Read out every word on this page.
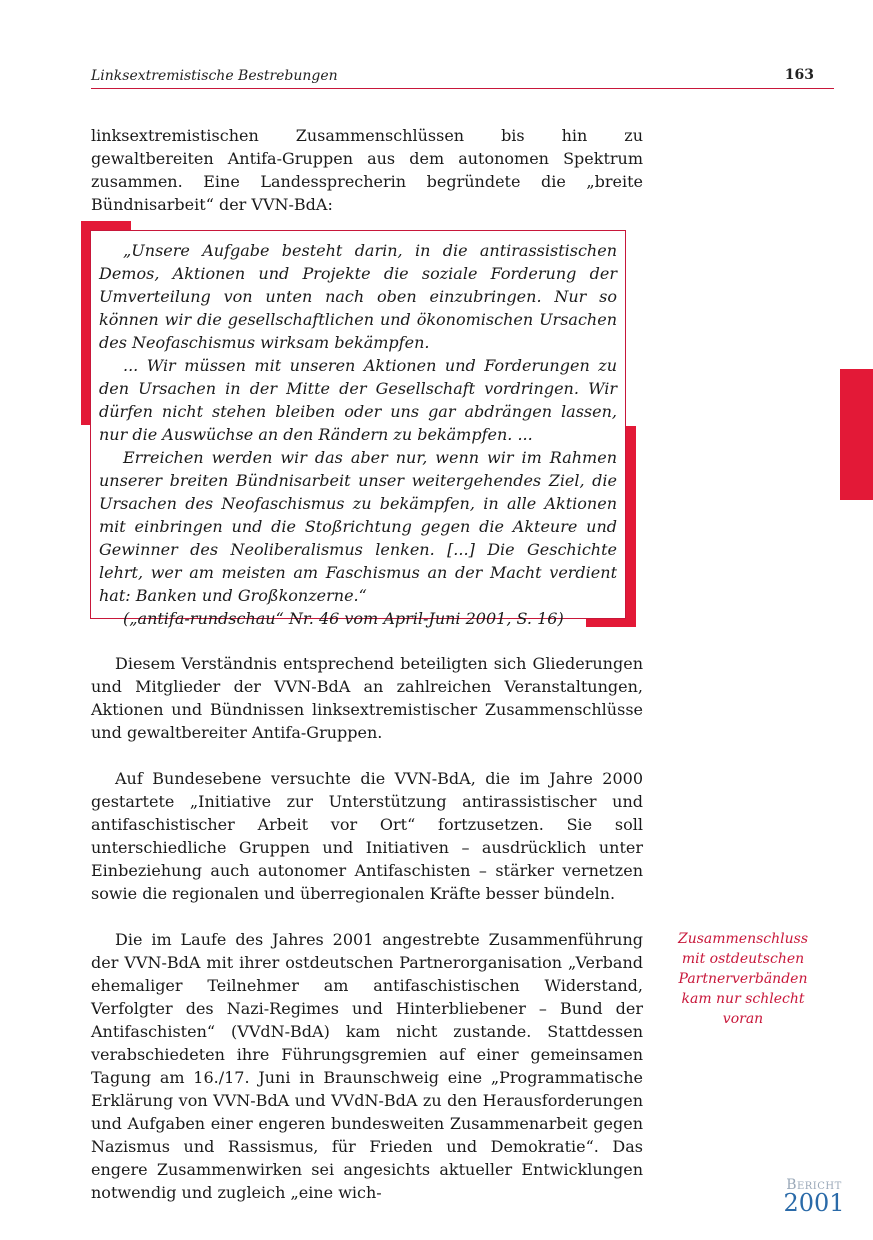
Linksextremistische Bestrebungen	163

linksextremistischen Zusammenschlüssen bis hin zu gewaltbereiten Antifa-Gruppen aus dem autonomen Spektrum zusammen. Eine Landessprecherin begründete die „breite Bündnisarbeit“ der VVN-BdA:

„Unsere Aufgabe besteht darin, in die antirassistischen Demos, Aktionen und Projekte die soziale Forderung der Umverteilung von unten nach oben einzubringen. Nur so können wir die gesellschaftlichen und ökonomischen Ursachen des Neofaschismus wirksam bekämpfen.

... Wir müssen mit unseren Aktionen und Forderungen zu den Ursachen in der Mitte der Gesellschaft vordringen. Wir dürfen nicht stehen bleiben oder uns gar abdrängen lassen, nur die Auswüchse an den Rändern zu bekämpfen. ...

Erreichen werden wir das aber nur, wenn wir im Rahmen unserer breiten Bündnisarbeit unser weitergehendes Ziel, die Ursachen des Neofaschismus zu bekämpfen, in alle Aktionen mit einbringen und die Stoßrichtung gegen die Akteure und Gewinner des Neoliberalismus lenken. [...] Die Geschichte lehrt, wer am meisten am Faschismus an der Macht verdient hat: Banken und Großkonzerne.“

(„antifa-rundschau“ Nr. 46 vom April-Juni 2001, S. 16)

Diesem Verständnis entsprechend beteiligten sich Gliederungen und Mitglieder der VVN-BdA an zahlreichen Veranstaltungen, Aktionen und Bündnissen linksextremistischer Zusammenschlüsse und gewaltbereiter Antifa-Gruppen.

Auf Bundesebene versuchte die VVN-BdA, die im Jahre 2000 gestartete „Initiative zur Unterstützung antirassistischer und antifaschistischer Arbeit vor Ort“ fortzusetzen. Sie soll unterschiedliche Gruppen und Initiativen – ausdrücklich unter Einbeziehung auch autonomer Antifaschisten – stärker vernetzen sowie die regionalen und überregionalen Kräfte besser bündeln.

Die im Laufe des Jahres 2001 angestrebte Zusammenführung der VVN-BdA mit ihrer ostdeutschen Partnerorganisation „Verband ehemaliger Teilnehmer am antifaschistischen Widerstand, Verfolgter des Nazi-Regimes und Hinterbliebener – Bund der Antifaschisten“ (VVdN-BdA) kam nicht zustande. Stattdessen verabschiedeten ihre Führungsgremien auf einer gemeinsamen Tagung am 16./17. Juni in Braunschweig eine „Programmatische Erklärung von VVN-BdA und VVdN-BdA zu den Herausforderungen und Aufgaben einer engeren bundesweiten Zusammenarbeit gegen Nazismus und Rassismus, für Frieden und Demokratie“. Das engere Zusammenwirken sei angesichts aktueller Entwicklungen notwendig und zugleich „eine wich-

Zusammenschluss mit ostdeutschen Partnerverbänden kam nur schlecht voran

Bericht
2001
